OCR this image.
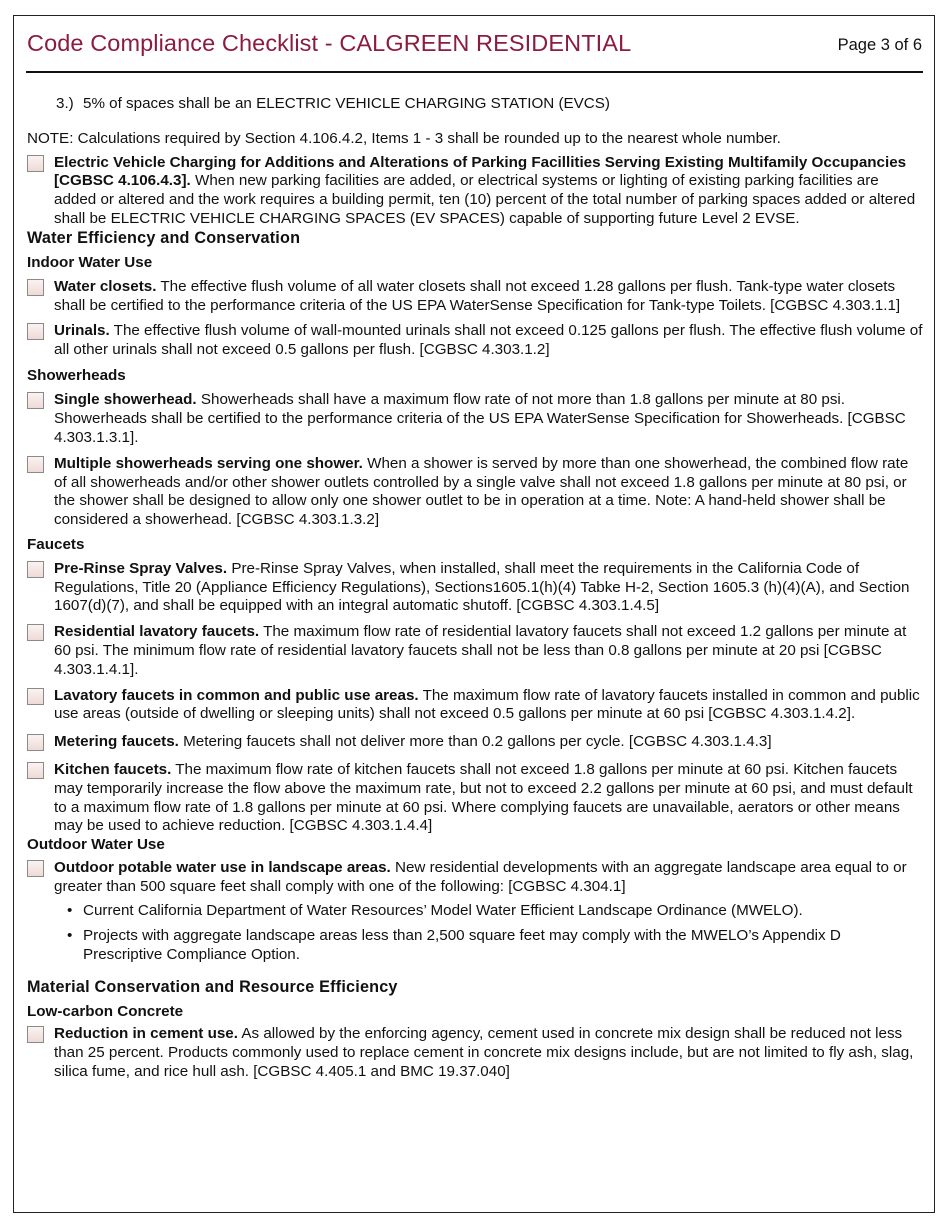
Code Compliance Checklist - CALGREEN RESIDENTIAL	Page 3 of 6

3.) 5% of spaces shall be an ELECTRIC VEHICLE CHARGING STATION (EVCS)

NOTE: Calculations required by Section 4.106.4.2, Items 1 - 3 shall be rounded up to the nearest whole number.

Electric Vehicle Charging for Additions and Alterations of Parking Facillities Serving Existing Multifamily Occupancies [CGBSC 4.106.4.3]. When new parking facilities are added, or electrical systems or lighting of existing parking facilities are added or altered and the work requires a building permit, ten (10) percent of the total number of parking spaces added or altered shall be ELECTRIC VEHICLE CHARGING SPACES (EV SPACES) capable of supporting future Level 2 EVSE.

Water Efficiency and Conservation

Indoor Water Use

Water closets. The effective flush volume of all water closets shall not exceed 1.28 gallons per flush. Tank-type water closets shall be certified to the performance criteria of the US EPA WaterSense Specification for Tank-type Toilets. [CGBSC 4.303.1.1]
Urinals. The effective flush volume of wall-mounted urinals shall not exceed 0.125 gallons per flush. The effective flush volume of all other urinals shall not exceed 0.5 gallons per flush. [CGBSC 4.303.1.2]

Showerheads

Single showerhead. Showerheads shall have a maximum flow rate of not more than 1.8 gallons per minute at 80 psi. Showerheads shall be certified to the performance criteria of the US EPA WaterSense Specification for Showerheads. [CGBSC 4.303.1.3.1].
Multiple showerheads serving one shower. When a shower is served by more than one showerhead, the combined flow rate of all showerheads and/or other shower outlets controlled by a single valve shall not exceed 1.8 gallons per minute at 80 psi, or the shower shall be designed to allow only one shower outlet to be in operation at a time. Note: A hand-held shower shall be considered a showerhead. [CGBSC 4.303.1.3.2]

Faucets

Pre-Rinse Spray Valves. Pre-Rinse Spray Valves, when installed, shall meet the requirements in the California Code of Regulations, Title 20 (Appliance Efficiency Regulations), Sections1605.1(h)(4) Tabke H-2, Section 1605.3 (h)(4)(A), and Section 1607(d)(7), and shall be equipped with an integral automatic shutoff. [CGBSC 4.303.1.4.5]
Residential lavatory faucets. The maximum flow rate of residential lavatory faucets shall not exceed 1.2 gallons per minute at 60 psi. The minimum flow rate of residential lavatory faucets shall not be less than 0.8 gallons per minute at 20 psi [CGBSC 4.303.1.4.1].
Lavatory faucets in common and public use areas. The maximum flow rate of lavatory faucets installed in common and public use areas (outside of dwelling or sleeping units) shall not exceed 0.5 gallons per minute at 60 psi [CGBSC 4.303.1.4.2].
Metering faucets. Metering faucets shall not deliver more than 0.2 gallons per cycle. [CGBSC 4.303.1.4.3]
Kitchen faucets. The maximum flow rate of kitchen faucets shall not exceed 1.8 gallons per minute at 60 psi. Kitchen faucets may temporarily increase the flow above the maximum rate, but not to exceed 2.2 gallons per minute at 60 psi, and must default to a maximum flow rate of 1.8 gallons per minute at 60 psi. Where complying faucets are unavailable, aerators or other means may be used to achieve reduction. [CGBSC 4.303.1.4.4]

Outdoor Water Use

Outdoor potable water use in landscape areas. New residential developments with an aggregate landscape area equal to or greater than 500 square feet shall comply with one of the following: [CGBSC 4.304.1]
• Current California Department of Water Resources’ Model Water Efficient Landscape Ordinance (MWELO).
• Projects with aggregate landscape areas less than 2,500 square feet may comply with the MWELO’s Appendix D Prescriptive Compliance Option.

Material Conservation and Resource Efficiency

Low-carbon Concrete

Reduction in cement use. As allowed by the enforcing agency, cement used in concrete mix design shall be reduced not less than 25 percent. Products commonly used to replace cement in concrete mix designs include, but are not limited to fly ash, slag, silica fume, and rice hull ash. [CGBSC 4.405.1 and BMC 19.37.040]
